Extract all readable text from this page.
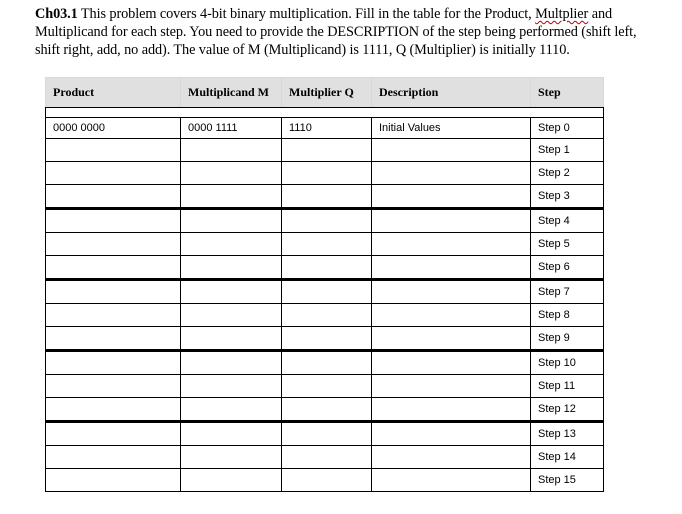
Ch03.1 This problem covers 4-bit binary multiplication. Fill in the table for the Product, Multplier and Multiplicand for each step. You need to provide the DESCRIPTION of the step being performed (shift left, shift right, add, no add). The value of M (Multiplicand) is 1111, Q (Multiplier) is initially 1110.
Product	Multiplicand M	Multiplier Q	Description	Step

0000 0000	0000 1111	1110	Initial Values	Step 0
				Step 1
				Step 2
				Step 3
				Step 4
				Step 5
				Step 6
				Step 7
				Step 8
				Step 9
				Step 10
				Step 11
				Step 12
				Step 13
				Step 14
				Step 15
